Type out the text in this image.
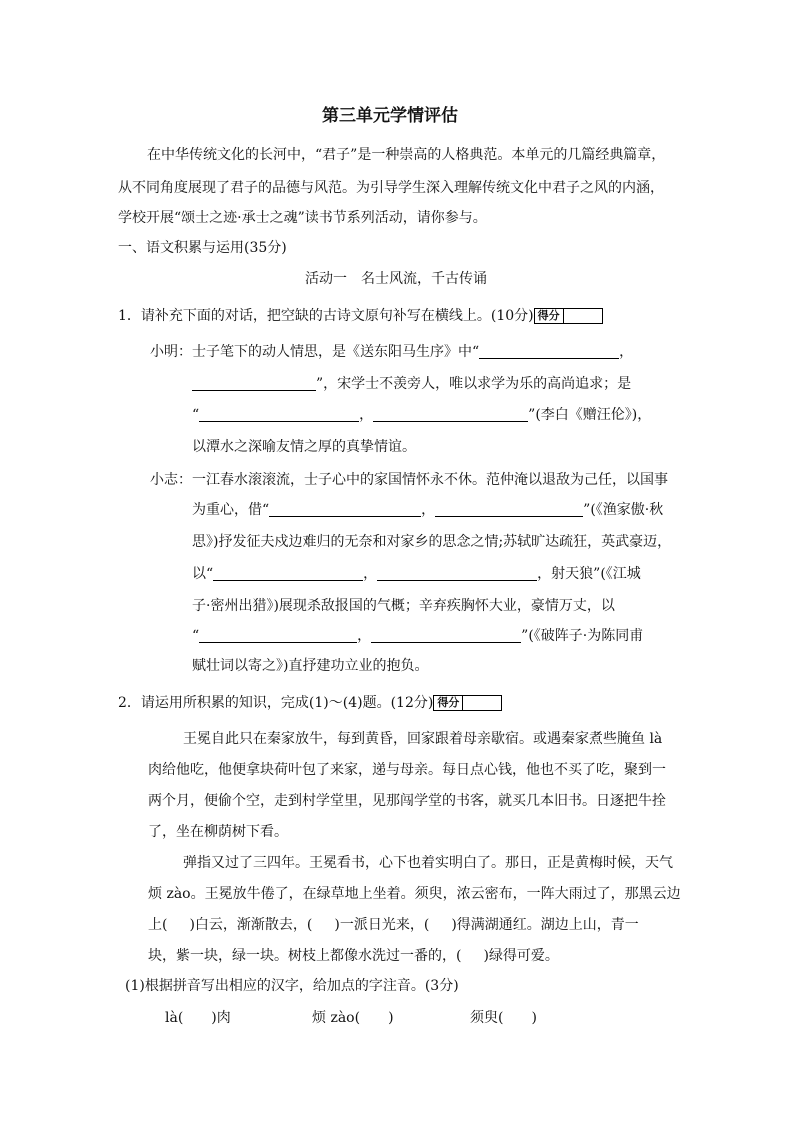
第三单元学情评估
在中华传统文化的长河中，“君子”是一种崇高的人格典范。本单元的几篇经典篇章，
从不同角度展现了君子的品德与风范。为引导学生深入理解传统文化中君子之风的内涵，
学校开展“颂士之迹·承士之魂”读书节系列活动，请你参与。
一、语文积累与运用(35分)
活动一　名士风流，千古传诵
1．请补充下面的对话，把空缺的古诗文原句补写在横线上。(10分) 得分
小明：士子笔下的动人情思，是《送东阳马生序》中“	，
”，宋学士不羡旁人，唯以求学为乐的高尚追求；是
“	，	”(李白《赠汪伦》)，
以潭水之深喻友情之厚的真挚情谊。
小志：一江春水滚滚流，士子心中的家国情怀永不休。范仲淹以退敌为己任，以国事
为重心，借“	，	”(《渔家傲·秋
思》)抒发征夫戍边难归的无奈和对家乡的思念之情;苏轼旷达疏狂，英武豪迈，
以“	，	，射天狼”(《江城
子·密州出猎》)展现杀敌报国的气概；辛弃疾胸怀大业，豪情万丈，以
“	，	”(《破阵子·为陈同甫
赋壮词以寄之》)直抒建功立业的抱负。
2．请运用所积累的知识，完成(1)～(4)题。(12分) 得分
王冕自此只在秦家放牛，每到黄昏，回家跟着母亲歇宿。或遇秦家煮些腌鱼 là
肉给他吃，他便拿块荷叶包了来家，递与母亲。每日点心钱，他也不买了吃，聚到一
两个月，便偷个空，走到村学堂里，见那闯学堂的书客，就买几本旧书。日逐把牛拴
了，坐在柳荫树下看。
弹指又过了三四年。王冕看书，心下也着实明白了。那日，正是黄梅时候，天气
烦 zào。王冕放牛倦了，在绿草地上坐着。须臾，浓云密布，一阵大雨过了，那黑云边
上( )白云，渐渐散去，( )一派日光来，( )得满湖通红。湖边上山，青一
块，紫一块，绿一块。树枝上都像水洗过一番的，( )绿得可爱。
(1)根据拼音写出相应的汉字，给加点的字注音。(3分)
là(　　)肉	烦 zào(　　)	须臾(　　)
